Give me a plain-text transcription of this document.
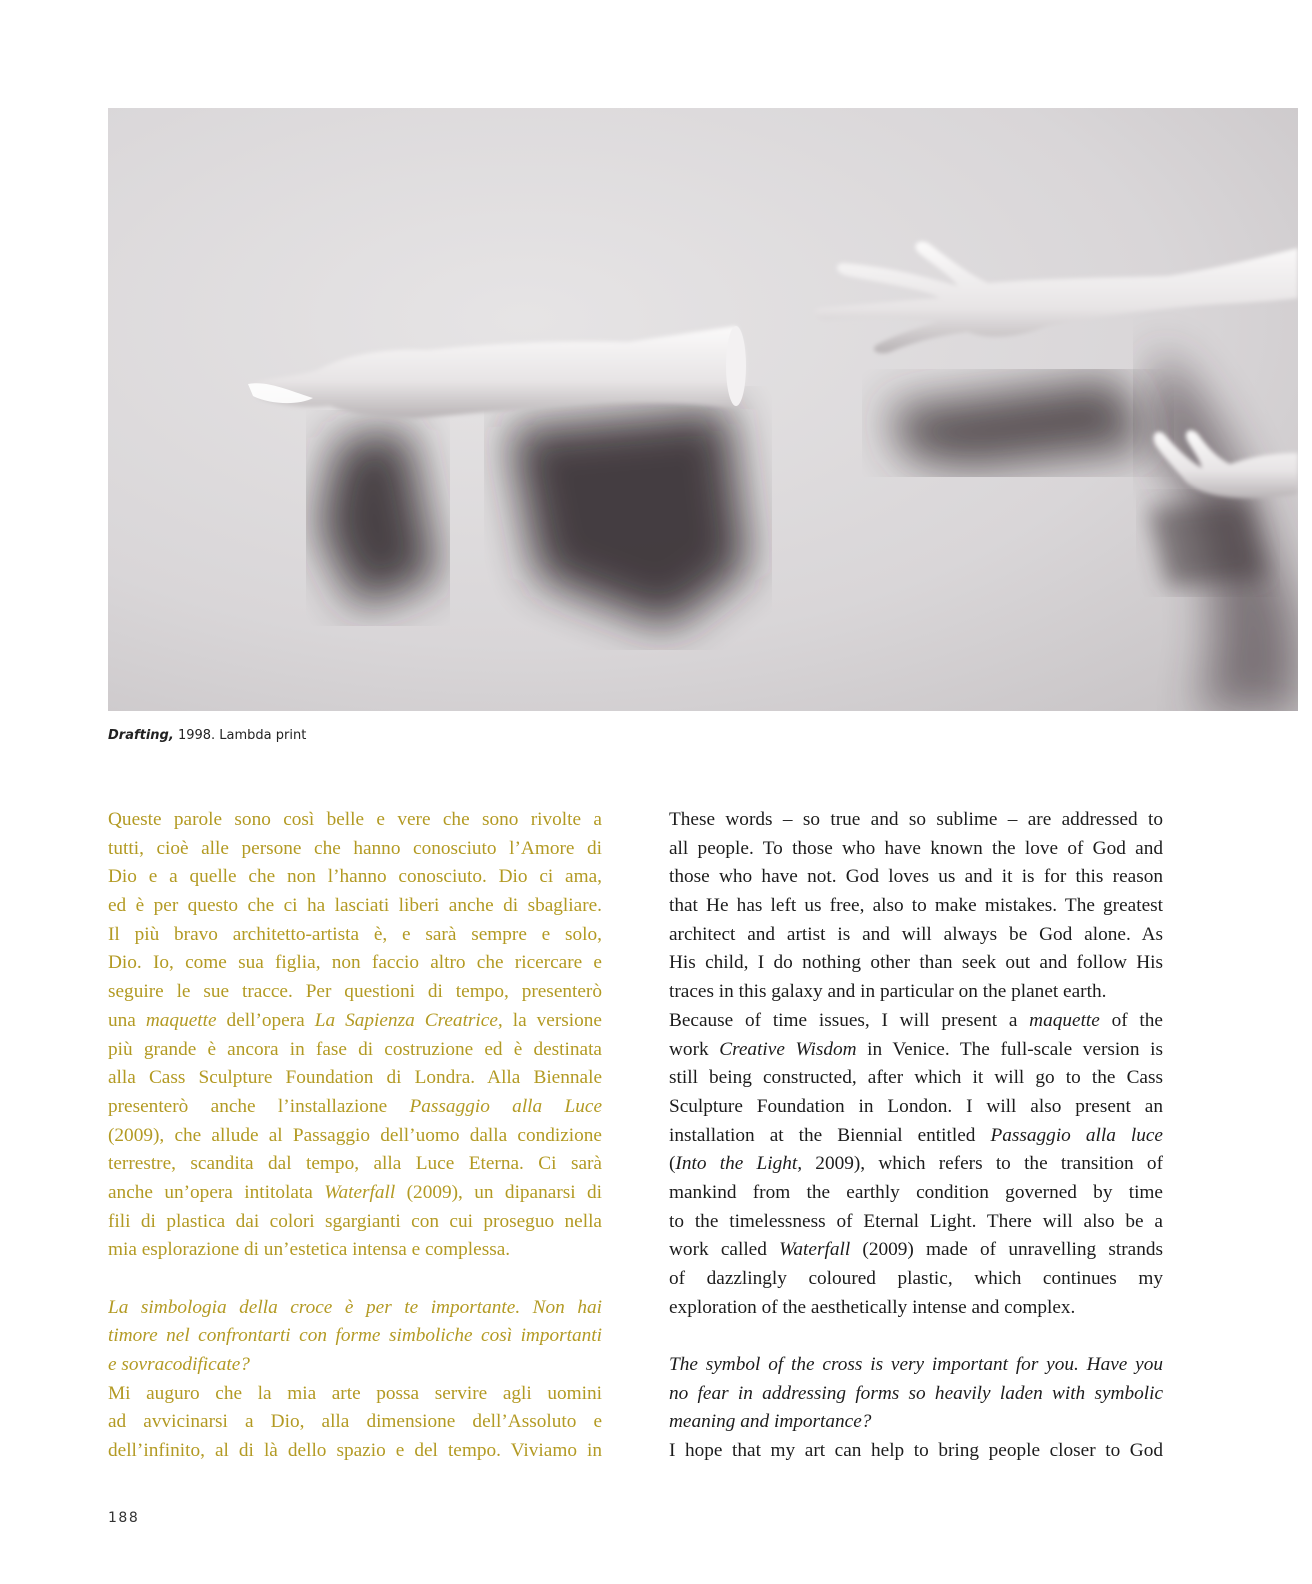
Drafting, 1998. Lambda print
Queste parole sono così belle e vere che sono rivolte a
tutti, cioè alle persone che hanno conosciuto l’Amore di
Dio e a quelle che non l’hanno conosciuto. Dio ci ama,
ed è per questo che ci ha lasciati liberi anche di sbagliare.
Il più bravo architetto-artista è, e sarà sempre e solo,
Dio. Io, come sua figlia, non faccio altro che ricercare e
seguire le sue tracce. Per questioni di tempo, presenterò
una maquette dell’opera La Sapienza Creatrice, la versione
più grande è ancora in fase di costruzione ed è destinata
alla Cass Sculpture Foundation di Londra. Alla Biennale
presenterò anche l’installazione Passaggio alla Luce
(2009), che allude al Passaggio dell’uomo dalla condizione
terrestre, scandita dal tempo, alla Luce Eterna. Ci sarà
anche un’opera intitolata Waterfall (2009), un dipanarsi di
fili di plastica dai colori sgargianti con cui proseguo nella
mia esplorazione di un’estetica intensa e complessa.
La simbologia della croce è per te importante. Non hai
timore nel confrontarti con forme simboliche così importanti
e sovracodificate?
Mi auguro che la mia arte possa servire agli uomini
ad avvicinarsi a Dio, alla dimensione dell’Assoluto e
dell’infinito, al di là dello spazio e del tempo. Viviamo in
These words – so true and so sublime – are addressed to
all people. To those who have known the love of God and
those who have not. God loves us and it is for this reason
that He has left us free, also to make mistakes. The greatest
architect and artist is and will always be God alone. As
His child, I do nothing other than seek out and follow His
traces in this galaxy and in particular on the planet earth.
Because of time issues, I will present a maquette of the
work Creative Wisdom in Venice. The full-scale version is
still being constructed, after which it will go to the Cass
Sculpture Foundation in London. I will also present an
installation at the Biennial entitled Passaggio alla luce
(Into the Light, 2009), which refers to the transition of
mankind from the earthly condition governed by time
to the timelessness of Eternal Light. There will also be a
work called Waterfall (2009) made of unravelling strands
of dazzlingly coloured plastic, which continues my
exploration of the aesthetically intense and complex.
The symbol of the cross is very important for you. Have you
no fear in addressing forms so heavily laden with symbolic
meaning and importance?
I hope that my art can help to bring people closer to God
188
